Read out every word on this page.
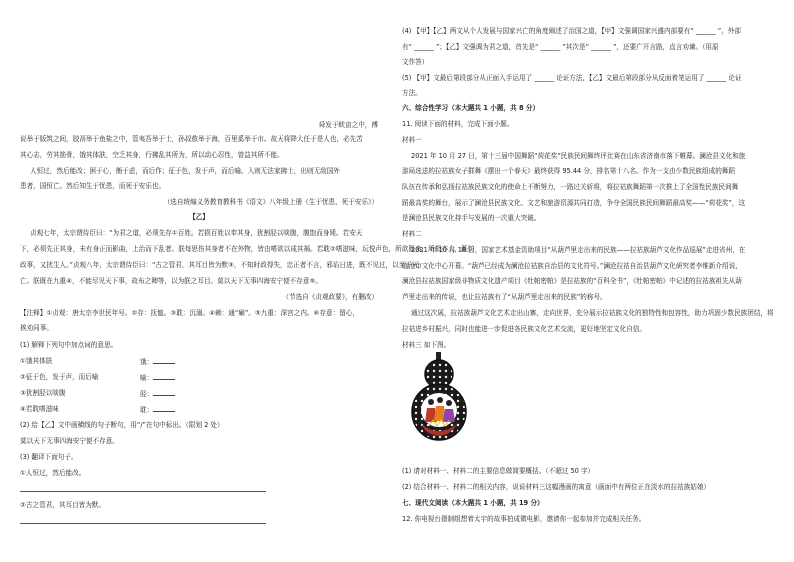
舜发于畎亩之中，傅
说举于版筑之间，胶鬲举于鱼盐之中，管夷吾举于士，孙叔敖举于海，百里奚举于市。故天将降大任于是人也，必先苦
其心志，劳其筋骨，饿其体肤，空乏其身，行拂乱其所为，所以动心忍性，曾益其所不能。
人恒过，然后能改；困于心，衡于虑，而后作；征于色，发于声，而后喻。入则无法家拂士，出则无敌国外
患者，国恒亡。然后知生于忧患，而死于安乐也。
（选自统编义务教育教科书《语文》八年级上册《生于忧患，死于安乐》）
【乙】
贞观七年，太宗谓侍臣曰：“为君之道，必须先存①百姓。若损百姓以奉其身，犹割胫以啖腹，腹饱而身毙。若安天
下，必须先正其身，未有身正而影曲，上治而下乱者。朕每思伤其身者不在外物，皆由嗜欲以成其祸。若耽②嗜滋味，玩悦声色，所欲既多，所损亦大，既妨
政事，又扰生人。”贞观八年，太宗谓侍臣曰：“古之管君，其耳目皆为默③，不知时政得失，忠正者不言，邪谄日进，既不见过，以至于灭
亡。朕既在九重④，不能尽见天下事，故布之卿等，以为朕之耳目。莫以天下无事四海安宁便不存意⑤。
（节选自《贞观政要》，有删改）
【注释】①贞观：唐太宗李世民年号。②存：抚恤。③耽：沉溺。④赖：通“癞”。⑤九重：深宫之内。⑥存意：留心，
挨劝同事。
(1) 解释下列句中加点词的意思。
①饿其体肤	饿：
②征于色，发于声，而后喻	喻：
③犹割胫以啖腹	胫：
④若耽嗜滋味	耽：
(2) 给【乙】文中画横线的句子断句，用“/”在句中标出。（限划 2 处）
莫以天下无事四海安宁便不存意。
(3) 翻译下面句子。
①人恒过，然后能改。
②古之管君，其耳目皆为默。
(4) 【甲】【乙】两文从个人发展与国家兴亡的角度阐述了治国之道，【甲】文强调国家兴盛内部要有“ ______ ”，外部
有“ ______ ”；【乙】文强调为君之道，首先是“ ______ ”其次是“ ______ ”，还要广开言路，直言劝谏。（用原
文作答）
(5) 【甲】文最后第段部分从正面入手运用了 ______ 论证方法，【乙】文最后第段部分从反面着笔运用了 ______ 论证
方法。
六、综合性学习（本大题共 1 小题，共 8 分）
11. 阅读下面的材料，完成下面小题。
材料一
2021 年 10 月 27 日，第十三届中国舞蹈“荷花奖”民族民间舞终评比赛在山东省济南市落下帷幕。澜沧县文化和旅
游局选送的拉祜族女子群舞《摆出一个春天》最终获得 95.44 分，排名第十八名。作为一支由少数民族组成的舞蹈
队伍在传承和弘扬拉祜族民族文化的使命上不断努力，一路过关斩将，将拉祜族舞蹈第一次推上了全国性民族民间舞
蹈最高奖的舞台，展示了澜沧县民族文化、文艺和旅游资源共同打造，争夺全国民族民间舞蹈最高奖——“荷花奖”，这
是澜沧县民族文化持手与发展的一次重大突破。
材料二
2021 年 10 月 18 日，国家艺术基金资助项目“从葫芦里走出来的民族——拉祜族葫芦文化作品巡展”走进省州，在
临沧市文化中心开幕。“葫芦已经成为澜沧拉祜族自治县的文化符号。”澜沧拉祜自治县葫芦文化研究者李维新介绍说，
澜沧县拉祜族国家级非物质文化遗产项目《牡帕密帕》是拉祜族的“百科全书”，《牡帕密帕》中记述的拉祜族祖先从葫
芦里走出来的传说，也让拉祜族有了“从葫芦里走出来的民族”的称号。
通过这次展，拉祜族葫芦文化艺术走出山寨，走向世界，充分展示拉祜族文化的独特性和包容性，助力巩固少数民族团结，将
拉祜进乡村振兴，同时也能进一步促进各民族文化艺术交流，更好地坚定文化自信。
材料三 如下图。
(1) 请对材料一、材料二的主要信息做简要概括。（不超过 50 字）
(2) 结合材料一、材料二的相关内容，说说材料三这幅漫画的寓意（画面中有两位正在淡水的拉祜族姑娘）
七、现代文阅读（本大题共 1 小题，共 19 分）
12. 你电视台摄制组想着太宇的故事拍成微电影，邀请你一起参加并完成相关任务。
